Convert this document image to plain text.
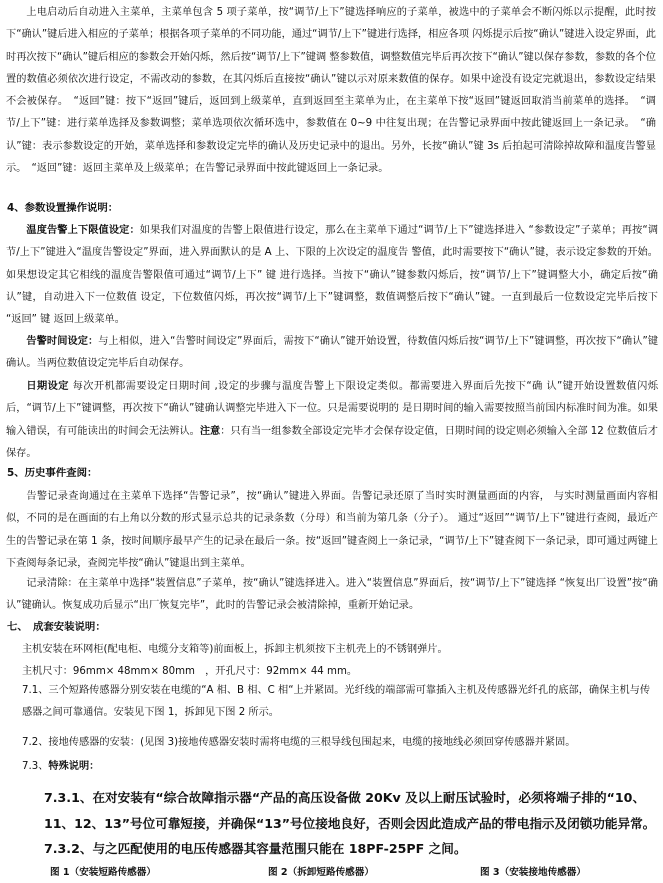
上电启动后自动进入主菜单，主菜单包含 5 项子菜单，按“调节/上下”键选择响应的子菜单，被选中的子菜单会不断闪烁以示提醒，此时按下“确认”键后进入相应的子菜单；根据各项子菜单的不同功能，通过“调节/上下”键进行选择，相应各项 闪烁提示后按“确认”键进入设定界面，此时再次按下“确认”键后相应的参数会开始闪烁，然后按“调节/上下”键调 整参数值，调整数值完毕后再次按下“确认”键以保存参数，参数的各个位置的数值必须依次进行设定，不需改动的参数，在其闪烁后直接按“确认”键以示对原来数值的保存。如果中途没有设定完就退出，参数设定结果不会被保存。　“返回”键：按下“返回”键后，返回到上级菜单，直到返回至主菜单为止，在主菜单下按“返回”键返回取消当前菜单的选择。　“调节/上下”键：进行菜单选择及参数调整；菜单选项依次循环选中，参数值在 0~9 中往复出现；在告警记录界面中按此键返回上一条记录。　“确认”键：表示参数设定的开始，菜单选择和参数设定完毕的确认及历史记录中的退出。另外，长按“确认”键 3s 后拍起可清除掉故障和温度告警显示。　“返回”键：返回主菜单及上级菜单；在告警记录界面中按此键返回上一条记录。

4、参数设置操作说明：

温度告警上下限值设定：如果我们对温度的告警上限值进行设定，那么在主菜单下通过“调节/上下”键选择进入 “参数设定”子菜单；再按“调节/上下”键进入“温度告警设定”界面，进入界面默认的是 A 上、下限的上次设定的温度告 警值，此时需要按下“确认”键，表示设定参数的开始。如果想设定其它相线的温度告警限值可通过“调节/上下” 键 进行选择。当按下“确认”键参数闪烁后，按“调节/上下”键调整大小，确定后按“确认”键，自动进入下一位数值 设定，下位数值闪烁，再次按“调节/上下”键调整，数值调整后按下“确认”键。一直到最后一位数设定完毕后按下 “返回” 键 返回上级菜单。

告警时间设定：与上相似，进入“告警时间设定”界面后，需按下“确认”键开始设置，待数值闪烁后按“调节/上下”键调整，再次按下“确认”键确认。当两位数值设定完毕后自动保存。

日期设定 每次开机都需要设定日期时间 ,设定的步骤与温度告警上下限设定类似。都需要进入界面后先按下“确 认”键开始设置数值闪烁后，“调节/上下”键调整，再次按下“确认”键确认调整完毕进入下一位。只是需要说明的 是日期时间的输入需要按照当前国内标准时间为准。如果输入错误，有可能读出的时间会无法辨认。注意：只有当一组参数全部设定完毕才会保存设定值，日期时间的设定则必须输入全部 12 位数值后才保存。

5、历史事件查阅：

告警记录查询通过在主菜单下选择“告警记录”，按“确认”键进入界面。告警记录还原了当时实时测量画面的内容， 与实时测量画面内容相似，不同的是在画面的右上角以分数的形式显示总共的记录条数（分母）和当前为第几条（分子）。 通过“返回”“调节/上下”键进行查阅，最近产生的告警记录在第 1 条，按时间顺序最早产生的记录在最后一条。按“返回”键查阅上一条记录，“调节/上下”键查阅下一条记录，即可通过两键上下查阅每条记录，查阅完毕按“确认”键退出到主菜单。

记录清除：在主菜单中选择“装置信息”子菜单，按“确认”键选择进入。进入“装置信息”界面后，按“调节/上下”键选择 “恢复出厂设置”按“确认”键确认。恢复成功后显示“出厂恢复完毕”，此时的告警记录会被清除掉，重新开始记录。

七、　成套安装说明：

主机安装在环网柜(配电柜、电缆分支箱等)前面板上，拆卸主机须按下主机壳上的不锈钢弹片。

主机尺寸：96mm× 48mm× 80mm　，开孔尺寸：92mm× 44 mm。

7.1、三个短路传感器分别安装在电缆的“A 相、B 相、C 相“上并紧固。光纤线的端部需可靠插入主机及传感器光纤孔的底部，确保主机与传感器之间可靠通信。安装见下图 1，拆卸见下图 2 所示。

7.2、接地传感器的安装：(见图 3)接地传感器安装时需将电缆的三根导线包围起来，电缆的接地线必须回穿传感器并紧固。

7.3、特殊说明：

7.3.1、在对安装有“综合故障指示器“产品的高压设备做 20Kv 及以上耐压试验时，必须将端子排的“10、11、12、13”号位可靠短接，并确保“13”号位接地良好，否则会因此造成产品的带电指示及闭锁功能异常。

7.3.2、与之匹配使用的电压传感器其容量范围只能在 18PF-25PF 之间。

图 1（安装短路传感器）	图 2（拆卸短路传感器）	图 3（安装接地传感器）
